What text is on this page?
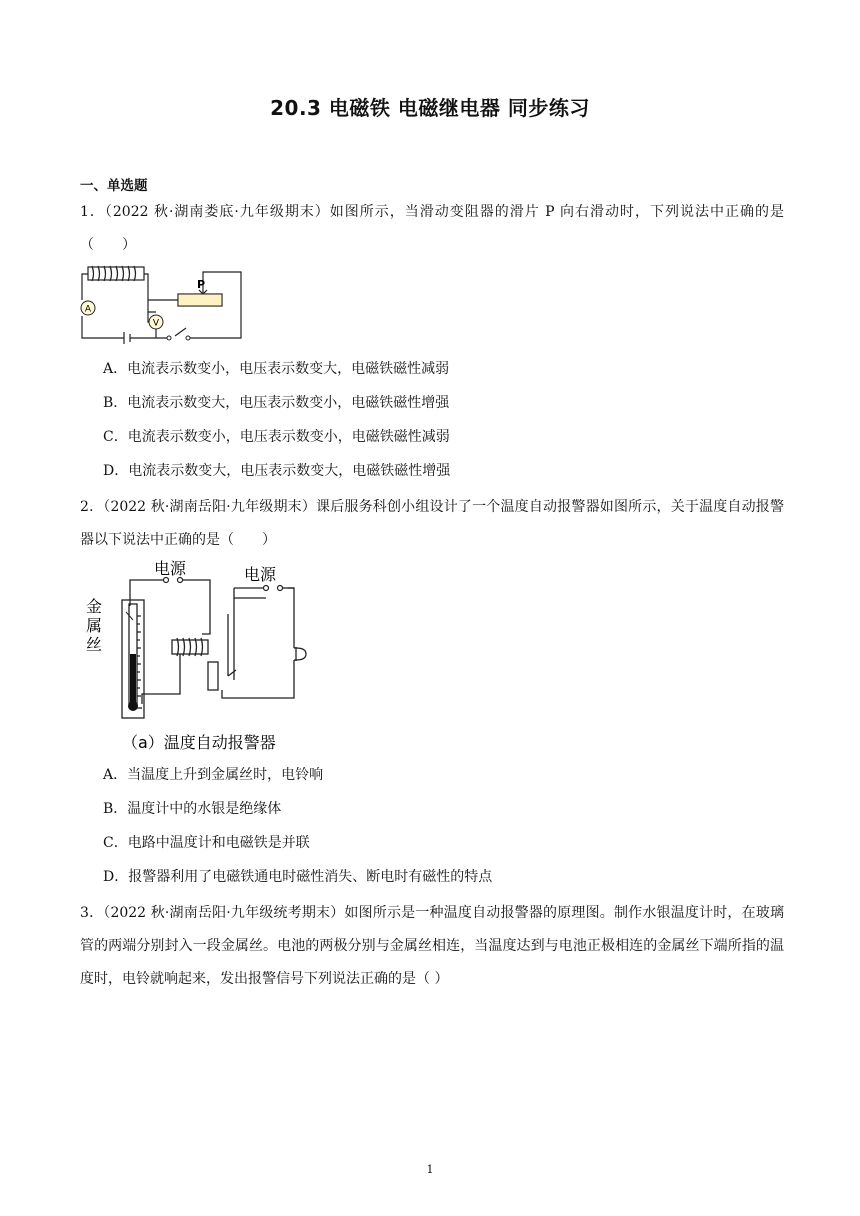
20.3 电磁铁 电磁继电器 同步练习
一、单选题
1．（2022 秋·湖南娄底·九年级期末）如图所示，当滑动变阻器的滑片 P 向右滑动时，下列说法中正确的是（　　）
A
V
P
A．电流表示数变小，电压表示数变大，电磁铁磁性减弱
B．电流表示数变大，电压表示数变小，电磁铁磁性增强
C．电流表示数变小，电压表示数变小，电磁铁磁性减弱
D．电流表示数变大，电压表示数变大，电磁铁磁性增强
2．（2022 秋·湖南岳阳·九年级期末）课后服务科创小组设计了一个温度自动报警器如图所示，关于温度自动报警器以下说法中正确的是（　　）
电源	电源
金
属
丝
（a）温度自动报警器
A．当温度上升到金属丝时，电铃响
B．温度计中的水银是绝缘体
C．电路中温度计和电磁铁是并联
D．报警器利用了电磁铁通电时磁性消失、断电时有磁性的特点
3．（2022 秋·湖南岳阳·九年级统考期末）如图所示是一种温度自动报警器的原理图。制作水银温度计时，在玻璃管的两端分别封入一段金属丝。电池的两极分别与金属丝相连，当温度达到与电池正极相连的金属丝下端所指的温度时，电铃就响起来，发出报警信号下列说法正确的是（ ）
1
